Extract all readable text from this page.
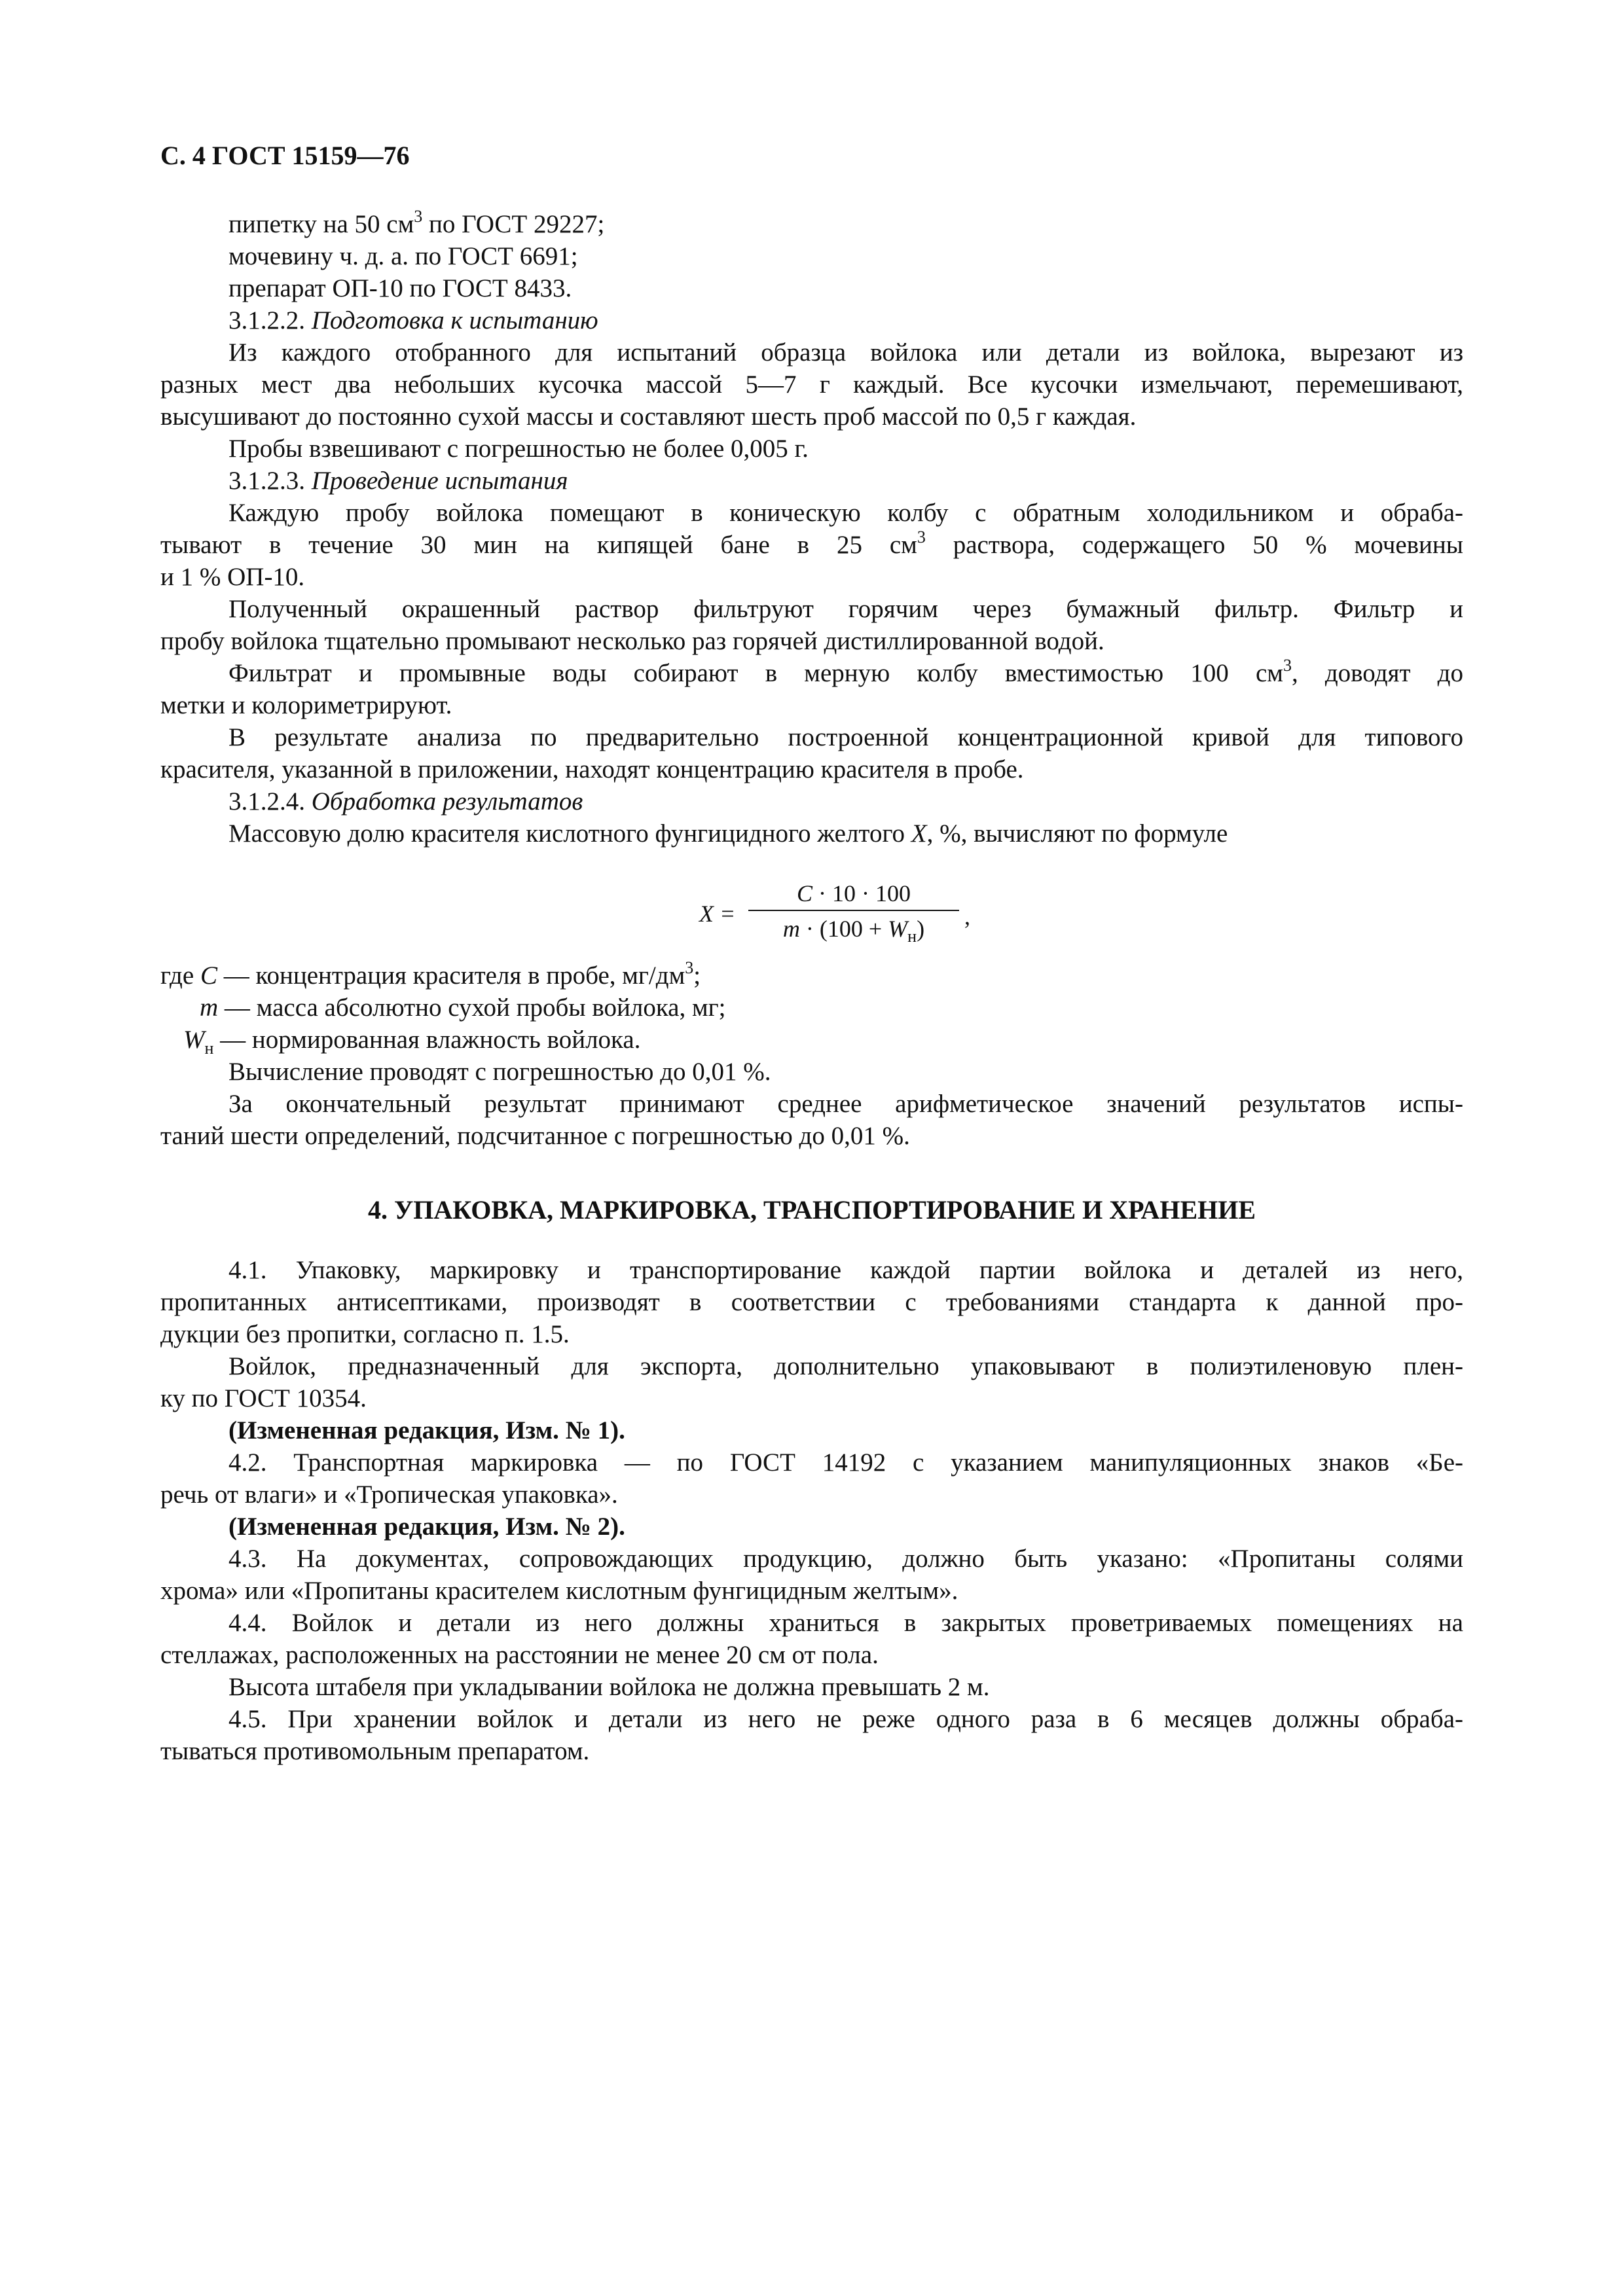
С. 4 ГОСТ 15159—76
пипетку на 50 $см^3$ по ГОСТ 29227;
мочевину ч. д. а. по ГОСТ 6691;
препарат ОП-10 по ГОСТ 8433.
3.1.2.2. Подготовка к испытанию
Из каждого отобранного для испытаний образца войлока или детали из войлока, вырезают из
разных мест два небольших кусочка массой 5—7 г каждый. Все кусочки измельчают, перемешивают,
высушивают до постоянно сухой массы и составляют шесть проб массой по 0,5 г каждая.
Пробы взвешивают с погрешностью не более 0,005 г.
3.1.2.3. Проведение испытания
Каждую пробу войлока помещают в коническую колбу с обратным холодильником и обраба-
тывают в течение 30 мин на кипящей бане в 25 $см^3$ раствора, содержащего 50 % мочевины
и 1 % ОП-10.
Полученный окрашенный раствор фильтруют горячим через бумажный фильтр. Фильтр и
пробу войлока тщательно промывают несколько раз горячей дистиллированной водой.
Фильтрат и промывные воды собирают в мерную колбу вместимостью 100 $см^3$, доводят до
метки и колориметрируют.
В результате анализа по предварительно построенной концентрационной кривой для типового
красителя, указанной в приложении, находят концентрацию красителя в пробе.
3.1.2.4. Обработка результатов
Массовую долю красителя кислотного фунгицидного желтого X, %, вычисляют по формуле
X =
C · 10 · 100
$m \cdot (100 + W_н)$	,
где C — концентрация красителя в пробе, $мг/дм^3$;
m — масса абсолютно сухой пробы войлока, мг;
$W_н$ — нормированная влажность войлока.
Вычисление проводят с погрешностью до 0,01 %.
За окончательный результат принимают среднее арифметическое значений результатов испы-
таний шести определений, подсчитанное с погрешностью до 0,01 %.
4. УПАКОВКА, МАРКИРОВКА, ТРАНСПОРТИРОВАНИЕ И ХРАНЕНИЕ
4.1. Упаковку, маркировку и транспортирование каждой партии войлока и деталей из него,
пропитанных антисептиками, производят в соответствии с требованиями стандарта к данной про-
дукции без пропитки, согласно п. 1.5.
Войлок, предназначенный для экспорта, дополнительно упаковывают в полиэтиленовую плен-
ку по ГОСТ 10354.
(Измененная редакция, Изм. № 1).
4.2. Транспортная маркировка — по ГОСТ 14192 с указанием манипуляционных знаков «Бе-
речь от влаги» и «Тропическая упаковка».
(Измененная редакция, Изм. № 2).
4.3. На документах, сопровождающих продукцию, должно быть указано: «Пропитаны солями
хрома» или «Пропитаны красителем кислотным фунгицидным желтым».
4.4. Войлок и детали из него должны храниться в закрытых проветриваемых помещениях на
стеллажах, расположенных на расстоянии не менее 20 см от пола.
Высота штабеля при укладывании войлока не должна превышать 2 м.
4.5. При хранении войлок и детали из него не реже одного раза в 6 месяцев должны обраба-
тываться противомольным препаратом.
